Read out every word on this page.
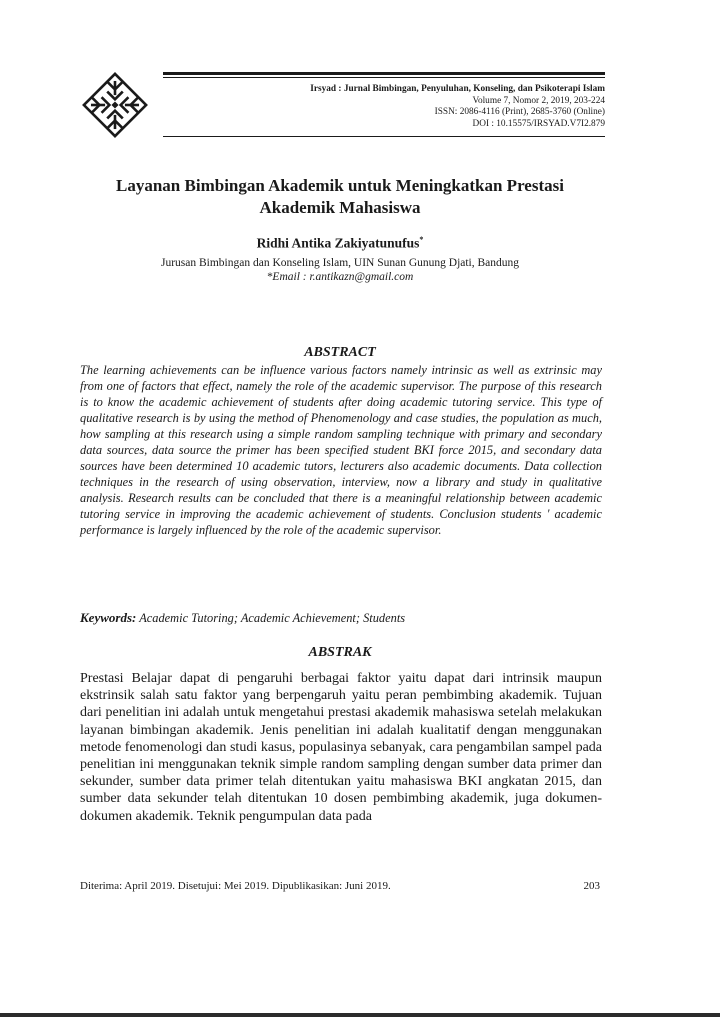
Irsyad : Jurnal Bimbingan, Penyuluhan, Konseling, dan Psikoterapi Islam
Volume 7, Nomor 2, 2019, 203-224
ISSN: 2086-4116 (Print), 2685-3760 (Online)
DOI : 10.15575/IRSYAD.V7I2.879
Layanan Bimbingan Akademik untuk Meningkatkan Prestasi Akademik Mahasiswa
Ridhi Antika Zakiyatunufus*
Jurusan Bimbingan dan Konseling Islam, UIN Sunan Gunung Djati, Bandung
*Email : r.antikazn@gmail.com
ABSTRACT

The learning achievements can be influence various factors namely intrinsic as well as extrinsic may from one of factors that effect, namely the role of the academic supervisor. The purpose of this research is to know the academic achievement of students after doing academic tutoring service. This type of qualitative research is by using the method of Phenomenology and case studies, the population as much, how sampling at this research using a simple random sampling technique with primary and secondary data sources, data source the primer has been specified student BKI force 2015, and secondary data sources have been determined 10 academic tutors, lecturers also academic documents. Data collection techniques in the research of using observation, interview, now a library and study in qualitative analysis. Research results can be concluded that there is a meaningful relationship between academic tutoring service in improving the academic achievement of students. Conclusion students ' academic performance is largely influenced by the role of the academic supervisor.

Keywords: Academic Tutoring; Academic Achievement; Students
ABSTRAK

Prestasi Belajar dapat di pengaruhi berbagai faktor yaitu dapat dari intrinsik maupun ekstrinsik salah satu faktor yang berpengaruh yaitu peran pembimbing akademik. Tujuan dari penelitian ini adalah untuk mengetahui prestasi akademik mahasiswa setelah melakukan layanan bimbingan akademik. Jenis penelitian ini adalah kualitatif dengan menggunakan metode fenomenologi dan studi kasus, populasinya sebanyak, cara pengambilan sampel pada penelitian ini menggunakan teknik simple random sampling dengan sumber data primer dan sekunder, sumber data primer telah ditentukan yaitu mahasiswa BKI angkatan 2015, dan sumber data sekunder telah ditentukan 10 dosen pembimbing akademik, juga dokumen-dokumen akademik. Teknik pengumpulan data pada

Diterima: April 2019. Disetujui: Mei 2019. Dipublikasikan: Juni 2019.	203
